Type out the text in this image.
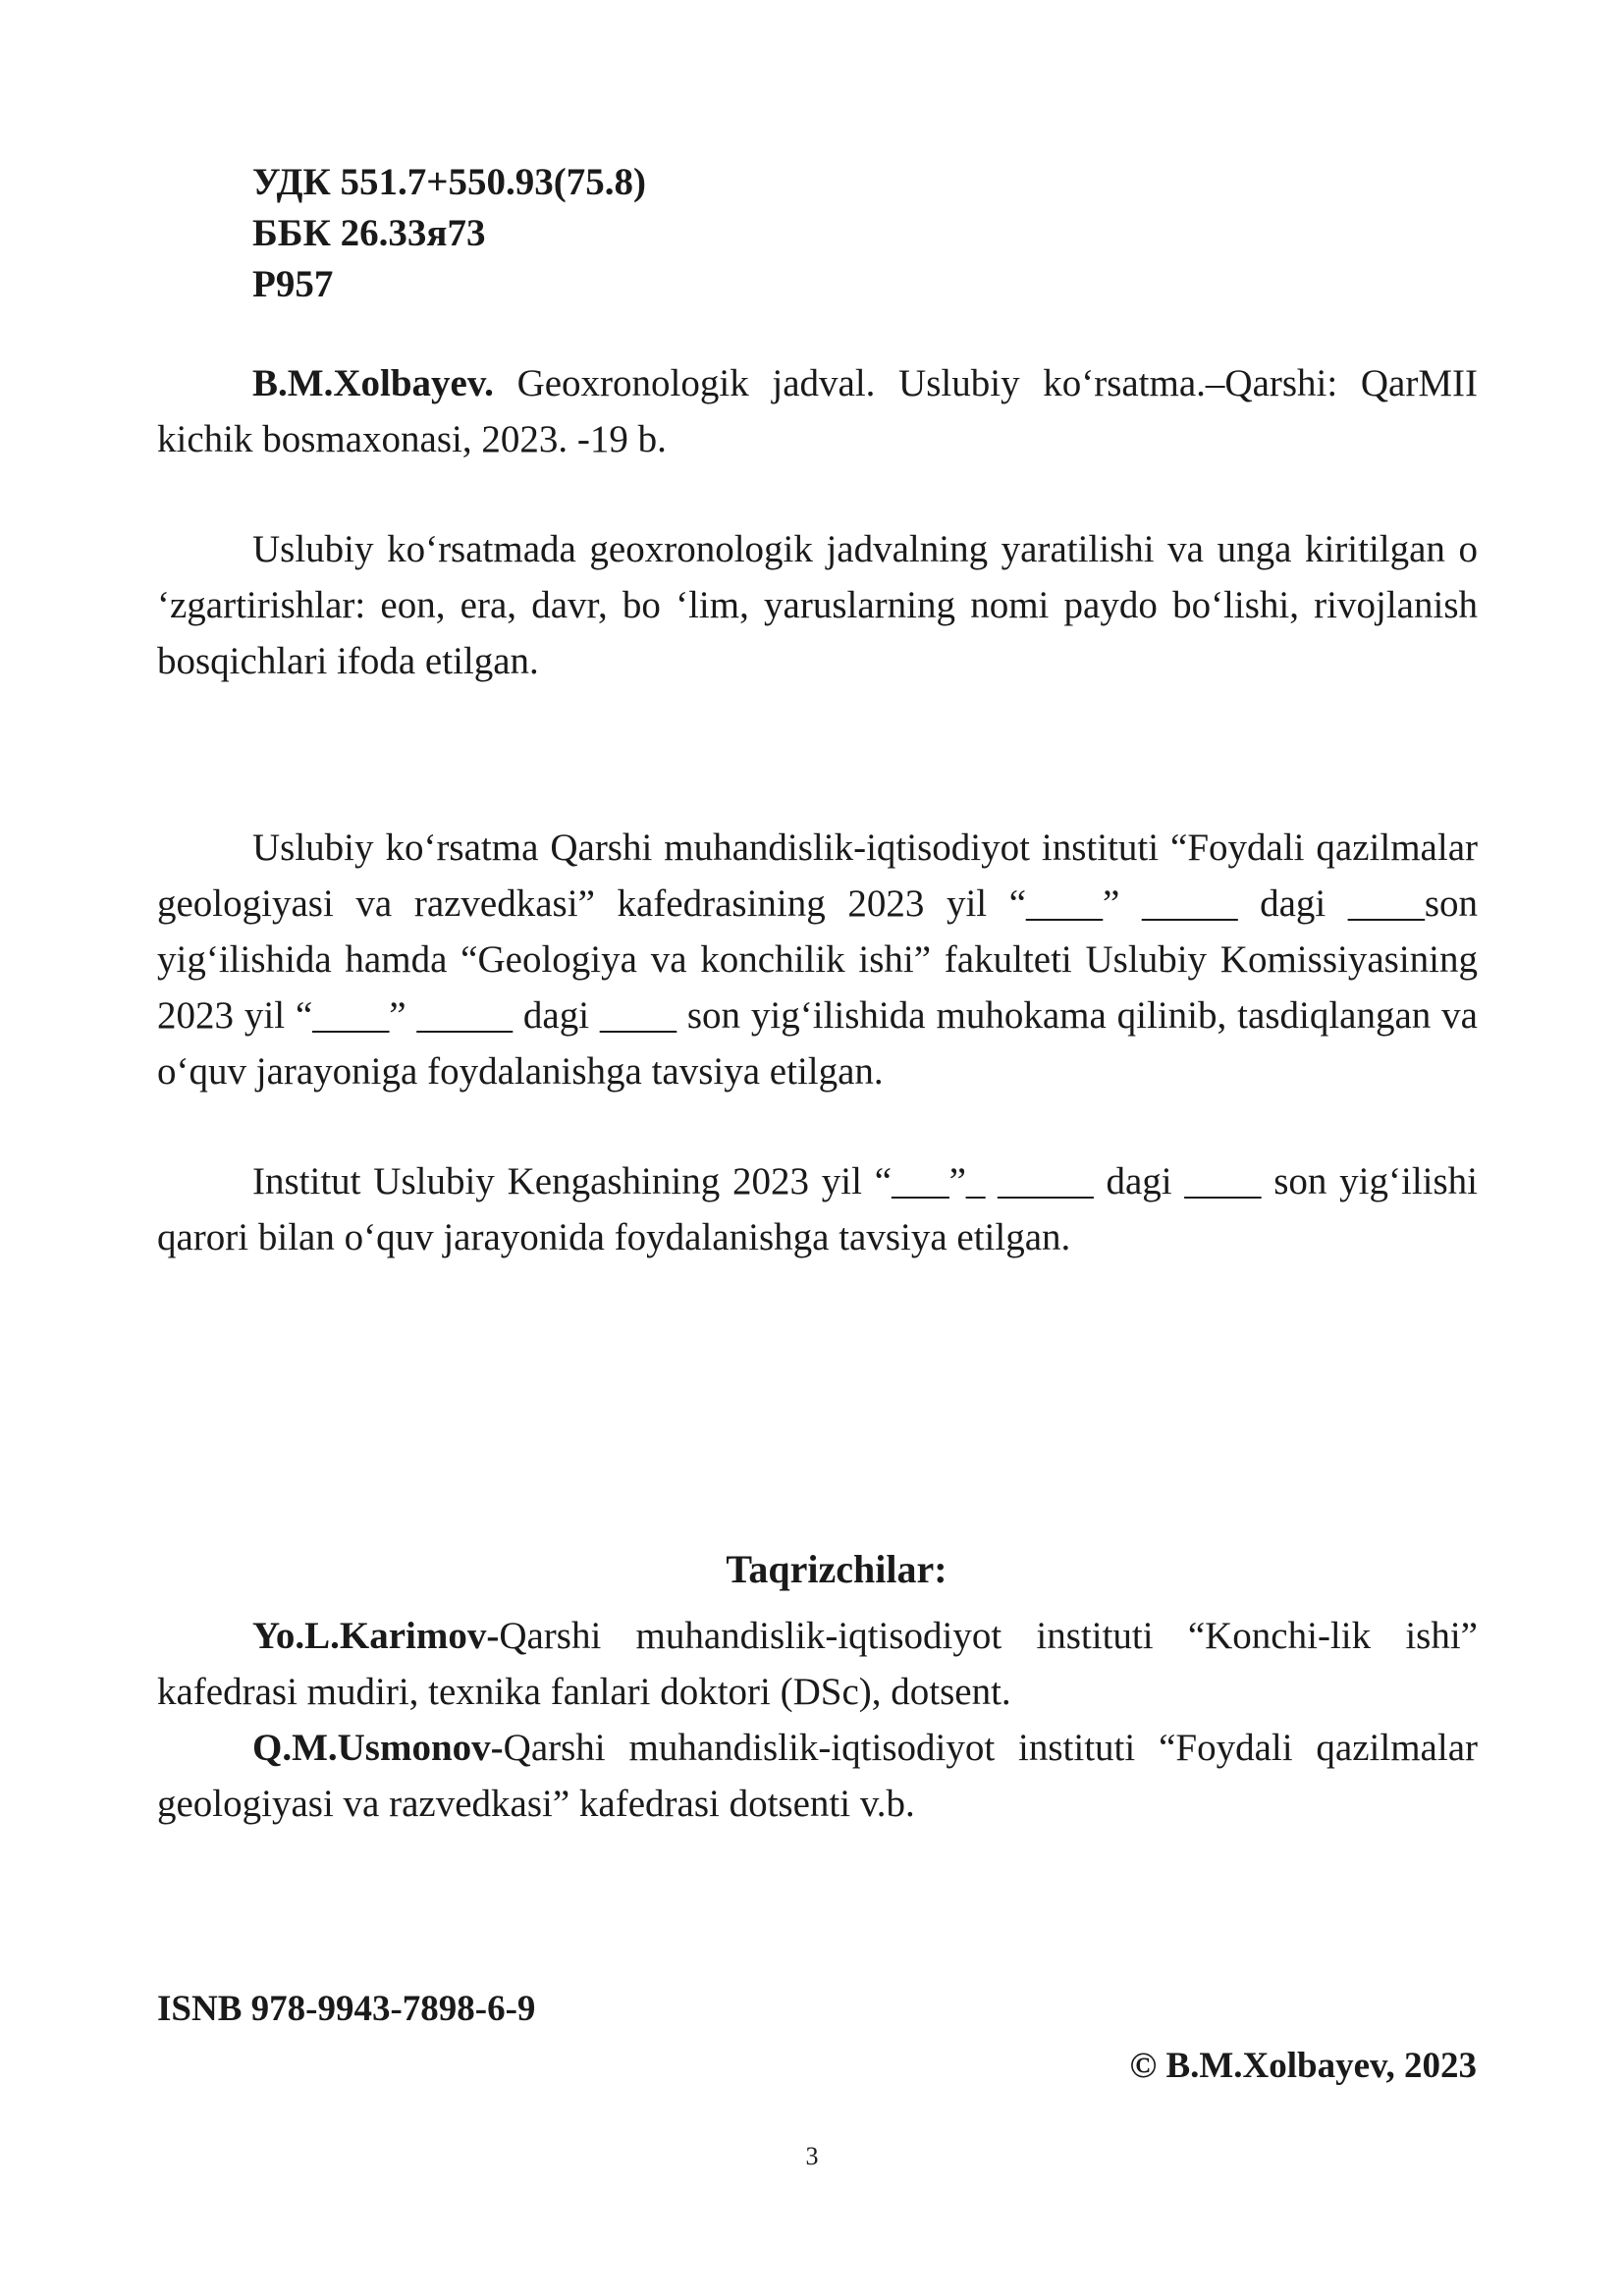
УДК 551.7+550.93(75.8)
ББК 26.33я73
P957
B.M.Xolbayev. Geoxronologik jadval. Uslubiy koʻrsatma.–Qarshi: QarMII kichik bosmaxonasi, 2023. -19 b.
Uslubiy koʻrsatmada geoxronologik jadvalning yaratilishi va unga kiritilgan o ʻzgartirishlar: eon, era, davr, bo ʻlim, yaruslarning nomi paydo boʻlishi, rivojlanish bosqichlari ifoda etilgan.
Uslubiy koʻrsatma Qarshi muhandislik-iqtisodiyot instituti “Foydali qazilmalar geologiyasi va razvedkasi” kafedrasining 2023 yil “____” _____ dagi ____son yigʻilishida hamda “Geologiya va konchilik ishi” fakulteti Uslubiy Komissiyasining 2023 yil “____” _____ dagi ____ son yigʻilishida muhokama qilinib, tasdiqlangan va oʻquv jarayoniga foydalanishga tavsiya etilgan.
Institut Uslubiy Kengashining 2023 yil “___”_ _____ dagi ____ son yigʻilishi qarori bilan oʻquv jarayonida foydalanishga tavsiya etilgan.
Taqrizchilar:
Yo.L.Karimov-Qarshi muhandislik-iqtisodiyot instituti “Konchi-lik ishi” kafedrasi mudiri, texnika fanlari doktori (DSc), dotsent.
Q.M.Usmonov-Qarshi muhandislik-iqtisodiyot instituti “Foydali qazilmalar geologiyasi va razvedkasi” kafedrasi dotsenti v.b.
ISNB 978-9943-7898-6-9
© B.M.Xolbayev, 2023
3
